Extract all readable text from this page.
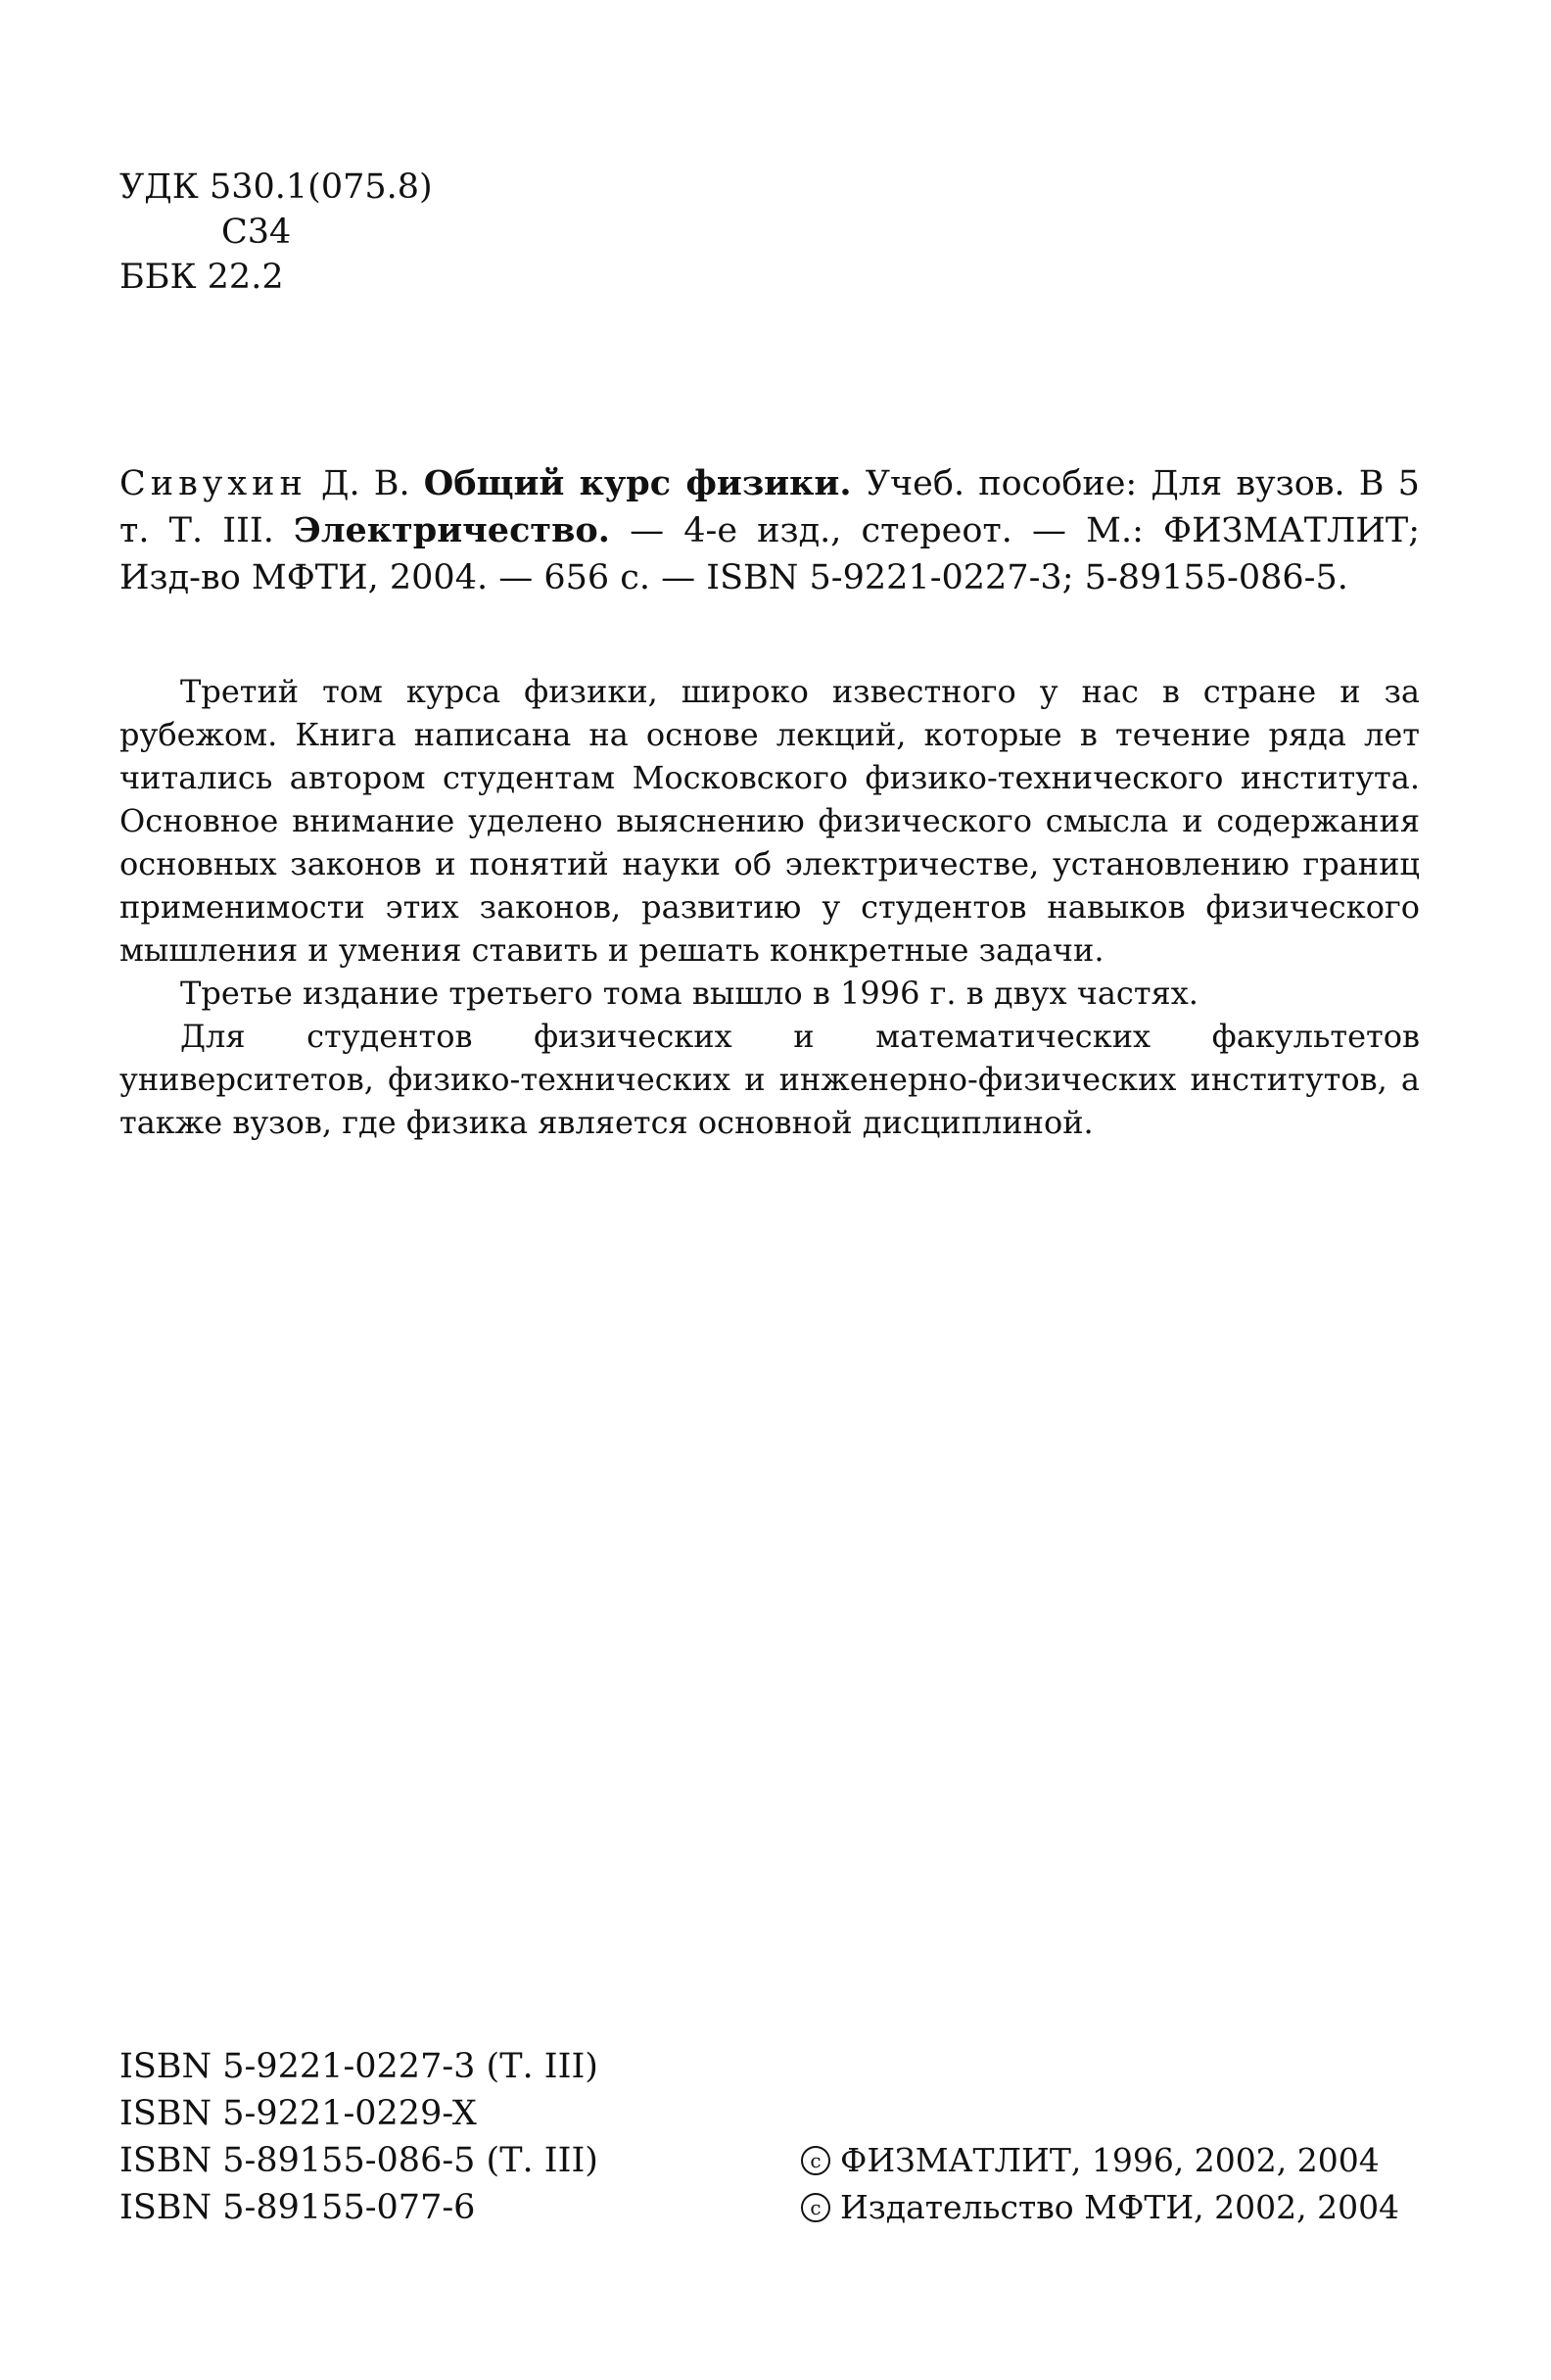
УДК 530.1(075.8)
С34
ББК 22.2
Сивухин Д. В. Общий курс физики. Учеб. пособие: Для вузов. В 5 т. Т. III. Электричество. — 4-е изд., стереот. — М.: ФИЗМАТЛИТ; Изд-во МФТИ, 2004. — 656 с. — ISBN 5-9221-0227-3; 5-89155-086-5.

Третий том курса физики, широко известного у нас в стране и за рубежом. Книга написана на основе лекций, которые в течение ряда лет читались автором студентам Московского физико-технического института. Основное внимание уделено выяснению физического смысла и содержания основных законов и понятий науки об электричестве, установлению границ применимости этих законов, развитию у студентов навыков физического мышления и умения ставить и решать конкретные задачи.

Третье издание третьего тома вышло в 1996 г. в двух частях.

Для студентов физических и математических факультетов университетов, физико-технических и инженерно-физических институтов, а также вузов, где физика является основной дисциплиной.

ISBN 5-9221-0227-3 (Т. III)
ISBN 5-9221-0229-X
ISBN 5-89155-086-5 (Т. III)
ISBN 5-89155-077-6
c ФИЗМАТЛИТ, 1996, 2002, 2004
c Издательство МФТИ, 2002, 2004
